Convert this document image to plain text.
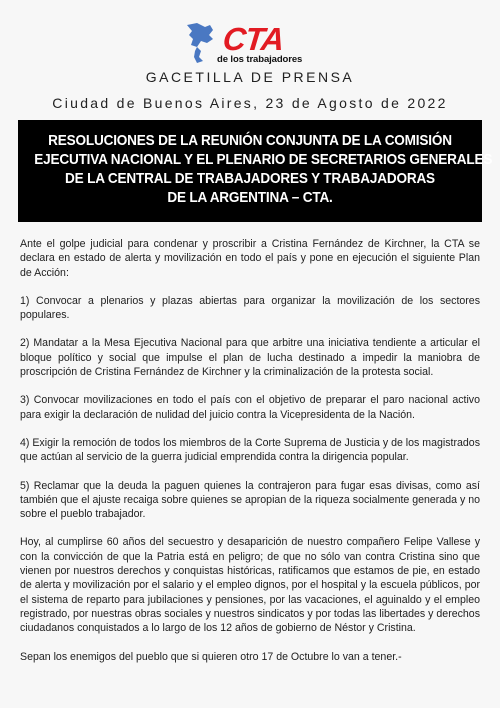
CTA
de los trabajadores
GACETILLA DE PRENSA
Ciudad de Buenos Aires, 23 de Agosto de 2022
RESOLUCIONES DE LA REUNIÓN CONJUNTA DE LA COMISIÓN
EJECUTIVA NACIONAL Y EL PLENARIO DE SECRETARIOS GENERALES
DE LA CENTRAL DE TRABAJADORES Y TRABAJADORAS
DE LA ARGENTINA – CTA.

Ante el golpe judicial para condenar y proscribir a Cristina Fernández de Kirchner, la CTA se declara en estado de alerta y movilización en todo el país y pone en ejecución el siguiente Plan de Acción:

1) Convocar a plenarios y plazas abiertas para organizar la movilización de los sectores populares.

2) Mandatar a la Mesa Ejecutiva Nacional para que arbitre una iniciativa tendiente a articular el bloque político y social que impulse el plan de lucha destinado a impedir la maniobra de proscripción de Cristina Fernández de Kirchner y la criminalización de la protesta social.

3) Convocar movilizaciones en todo el país con el objetivo de preparar el paro nacional activo para exigir la declaración de nulidad del juicio contra la Vicepresidenta de la Nación.

4) Exigir la remoción de todos los miembros de la Corte Suprema de Justicia y de los magistrados que actúan al servicio de la guerra judicial emprendida contra la dirigencia popular.

5) Reclamar que la deuda la paguen quienes la contrajeron para fugar esas divisas, como así también que el ajuste recaiga sobre quienes se apropian de la riqueza socialmente generada y no sobre el pueblo trabajador.

Hoy, al cumplirse 60 años del secuestro y desaparición de nuestro compañero Felipe Vallese y con la convicción de que la Patria está en peligro; de que no sólo van contra Cristina sino que vienen por nuestros derechos y conquistas históricas, ratificamos que estamos de pie, en estado de alerta y movilización por el salario y el empleo dignos, por el hospital y la escuela públicos, por el sistema de reparto para jubilaciones y pensiones, por las vacaciones, el aguinaldo y el empleo registrado, por nuestras obras sociales y nuestros sindicatos y por todas las libertades y derechos ciudadanos conquistados a lo largo de los 12 años de gobierno de Néstor y Cristina.

Sepan los enemigos del pueblo que si quieren otro 17 de Octubre lo van a tener.-
